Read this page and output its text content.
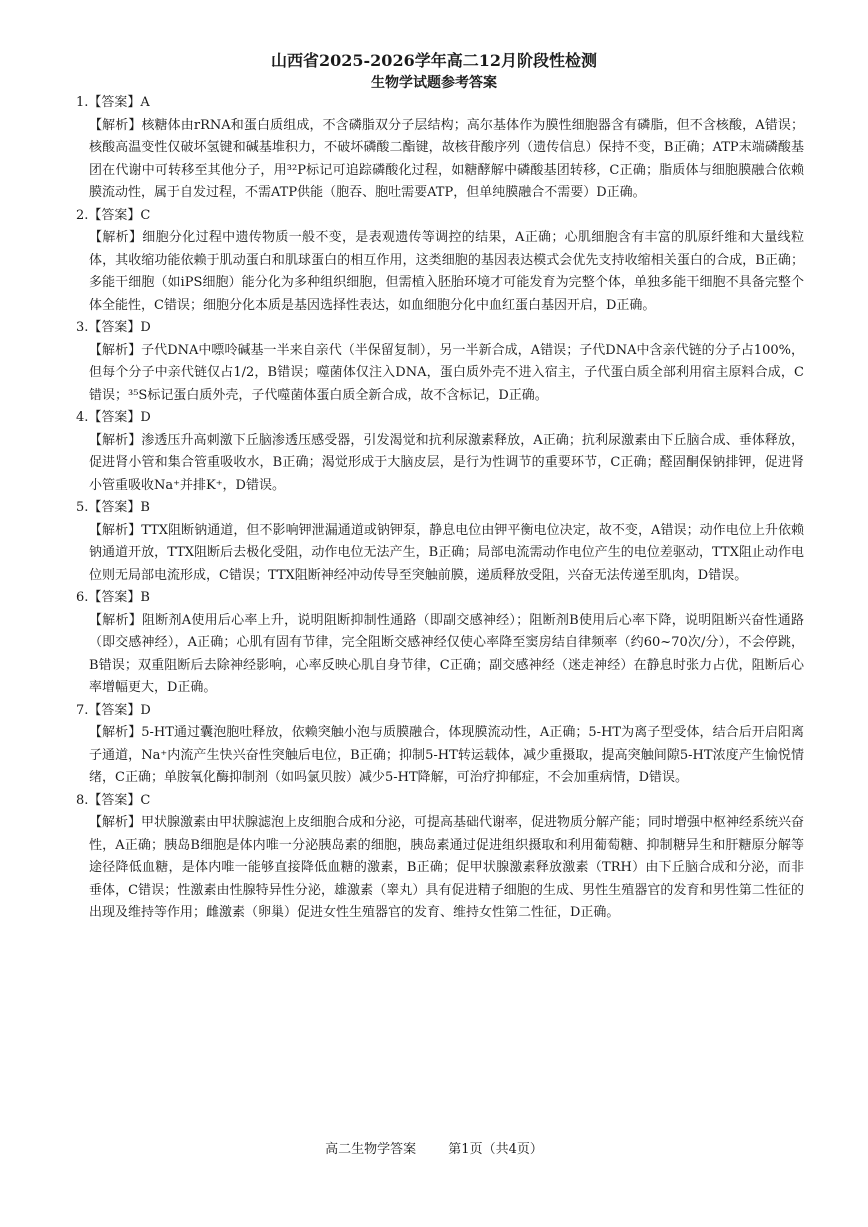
山西省2025-2026学年高二12月阶段性检测
生物学试题参考答案
1.【答案】A
【解析】核糖体由rRNA和蛋白质组成，不含磷脂双分子层结构；高尔基体作为膜性细胞器含有磷脂，但不含核酸，A错误；核酸高温变性仅破坏氢键和碱基堆积力，不破坏磷酸二酯键，故核苷酸序列（遗传信息）保持不变，B正确；ATP末端磷酸基团在代谢中可转移至其他分子，用³²P标记可追踪磷酸化过程，如糖酵解中磷酸基团转移，C正确；脂质体与细胞膜融合依赖膜流动性，属于自发过程，不需ATP供能（胞吞、胞吐需要ATP，但单纯膜融合不需要）D正确。
2.【答案】C
【解析】细胞分化过程中遗传物质一般不变，是表观遗传等调控的结果，A正确；心肌细胞含有丰富的肌原纤维和大量线粒体，其收缩功能依赖于肌动蛋白和肌球蛋白的相互作用，这类细胞的基因表达模式会优先支持收缩相关蛋白的合成，B正确；多能干细胞（如iPS细胞）能分化为多种组织细胞，但需植入胚胎环境才可能发育为完整个体，单独多能干细胞不具备完整个体全能性，C错误；细胞分化本质是基因选择性表达，如血细胞分化中血红蛋白基因开启，D正确。
3.【答案】D
【解析】子代DNA中嘌呤碱基一半来自亲代（半保留复制），另一半新合成，A错误；子代DNA中含亲代链的分子占100%，但每个分子中亲代链仅占1/2，B错误；噬菌体仅注入DNA，蛋白质外壳不进入宿主，子代蛋白质全部利用宿主原料合成，C错误；³⁵S标记蛋白质外壳，子代噬菌体蛋白质全新合成，故不含标记，D正确。
4.【答案】D
【解析】渗透压升高刺激下丘脑渗透压感受器，引发渴觉和抗利尿激素释放，A正确；抗利尿激素由下丘脑合成、垂体释放，促进肾小管和集合管重吸收水，B正确；渴觉形成于大脑皮层，是行为性调节的重要环节，C正确；醛固酮保钠排钾，促进肾小管重吸收Na⁺并排K⁺，D错误。
5.【答案】B
【解析】TTX阻断钠通道，但不影响钾泄漏通道或钠钾泵，静息电位由钾平衡电位决定，故不变，A错误；动作电位上升依赖钠通道开放，TTX阻断后去极化受阻，动作电位无法产生，B正确；局部电流需动作电位产生的电位差驱动，TTX阻止动作电位则无局部电流形成，C错误；TTX阻断神经冲动传导至突触前膜，递质释放受阻，兴奋无法传递至肌肉，D错误。
6.【答案】B
【解析】阻断剂A使用后心率上升，说明阻断抑制性通路（即副交感神经）；阻断剂B使用后心率下降，说明阻断兴奋性通路（即交感神经），A正确；心肌有固有节律，完全阻断交感神经仅使心率降至窦房结自律频率（约60~70次/分），不会停跳，B错误；双重阻断后去除神经影响，心率反映心肌自身节律，C正确；副交感神经（迷走神经）在静息时张力占优，阻断后心率增幅更大，D正确。
7.【答案】D
【解析】5-HT通过囊泡胞吐释放，依赖突触小泡与质膜融合，体现膜流动性，A正确；5-HT为离子型受体，结合后开启阳离子通道，Na⁺内流产生快兴奋性突触后电位，B正确；抑制5-HT转运载体，减少重摄取，提高突触间隙5-HT浓度产生愉悦情绪，C正确；单胺氧化酶抑制剂（如吗氯贝胺）减少5-HT降解，可治疗抑郁症，不会加重病情，D错误。
8.【答案】C
【解析】甲状腺激素由甲状腺滤泡上皮细胞合成和分泌，可提高基础代谢率，促进物质分解产能；同时增强中枢神经系统兴奋性，A正确；胰岛B细胞是体内唯一分泌胰岛素的细胞，胰岛素通过促进组织摄取和利用葡萄糖、抑制糖异生和肝糖原分解等途径降低血糖，是体内唯一能够直接降低血糖的激素，B正确；促甲状腺激素释放激素（TRH）由下丘脑合成和分泌，而非垂体，C错误；性激素由性腺特异性分泌，雄激素（睾丸）具有促进精子细胞的生成、男性生殖器官的发育和男性第二性征的出现及维持等作用；雌激素（卵巢）促进女性生殖器官的发育、维持女性第二性征，D正确。
高二生物学答案 第1页（共4页）
